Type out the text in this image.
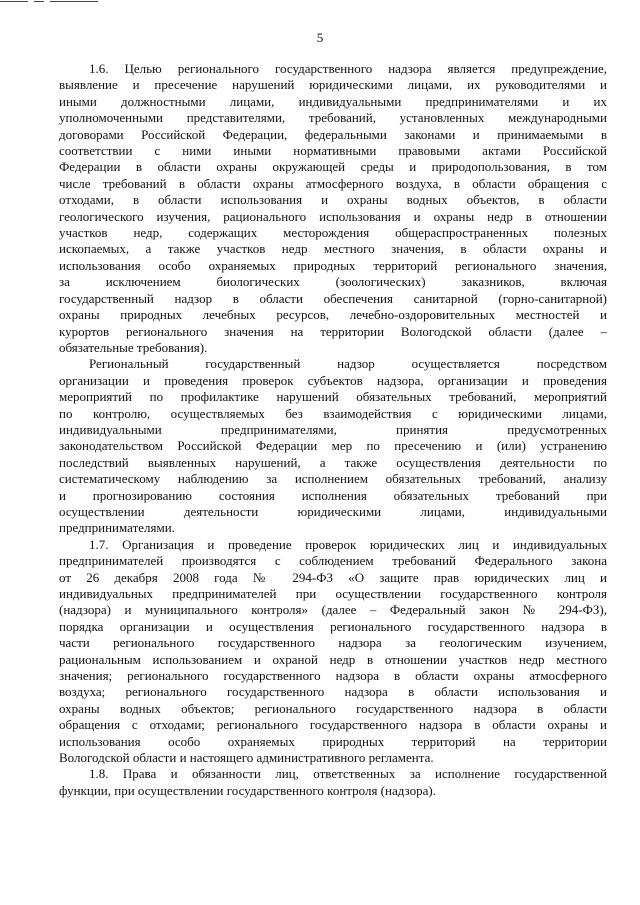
5
1.6. Целью регионального государственного надзора является предупреждение,
выявление и пресечение нарушений юридическими лицами, их руководителями и
иными должностными лицами, индивидуальными предпринимателями и их
уполномоченными представителями, требований, установленных международными
договорами Российской Федерации, федеральными законами и принимаемыми в
соответствии с ними иными нормативными правовыми актами Российской
Федерации в области охраны окружающей среды и природопользования, в том
числе требований в области охраны атмосферного воздуха, в области обращения с
отходами, в области использования и охраны водных объектов, в области
геологического изучения, рационального использования и охраны недр в отношении
участков недр, содержащих месторождения общераспространенных полезных
ископаемых, а также участков недр местного значения, в области охраны и
использования особо охраняемых природных территорий регионального значения,
за исключением биологических (зоологических) заказников, включая
государственный надзор в области обеспечения санитарной (горно-санитарной)
охраны природных лечебных ресурсов, лечебно-оздоровительных местностей и
курортов регионального значения на территории Вологодской области (далее –
обязательные требования).
Региональный государственный надзор осуществляется посредством
организации и проведения проверок субъектов надзора, организации и проведения
мероприятий по профилактике нарушений обязательных требований, мероприятий
по контролю, осуществляемых без взаимодействия с юридическими лицами,
индивидуальными предпринимателями, принятия предусмотренных
законодательством Российской Федерации мер по пресечению и (или) устранению
последствий выявленных нарушений, а также осуществления деятельности по
систематическому наблюдению за исполнением обязательных требований, анализу
и прогнозированию состояния исполнения обязательных требований при
осуществлении деятельности юридическими лицами, индивидуальными
предпринимателями.
1.7. Организация и проведение проверок юридических лиц и индивидуальных
предпринимателей производятся с соблюдением требований Федерального закона
от 26 декабря 2008 года № 294-ФЗ «О защите прав юридических лиц и
индивидуальных предпринимателей при осуществлении государственного контроля
(надзора) и муниципального контроля» (далее – Федеральный закон № 294-ФЗ),
порядка организации и осуществления регионального государственного надзора в
части регионального государственного надзора за геологическим изучением,
рациональным использованием и охраной недр в отношении участков недр местного
значения; регионального государственного надзора в области охраны атмосферного
воздуха; регионального государственного надзора в области использования и
охраны водных объектов; регионального государственного надзора в области
обращения с отходами; регионального государственного надзора в области охраны и
использования особо охраняемых природных территорий на территории
Вологодской области и настоящего административного регламента.
1.8. Права и обязанности лиц, ответственных за исполнение государственной
функции, при осуществлении государственного контроля (надзора).
